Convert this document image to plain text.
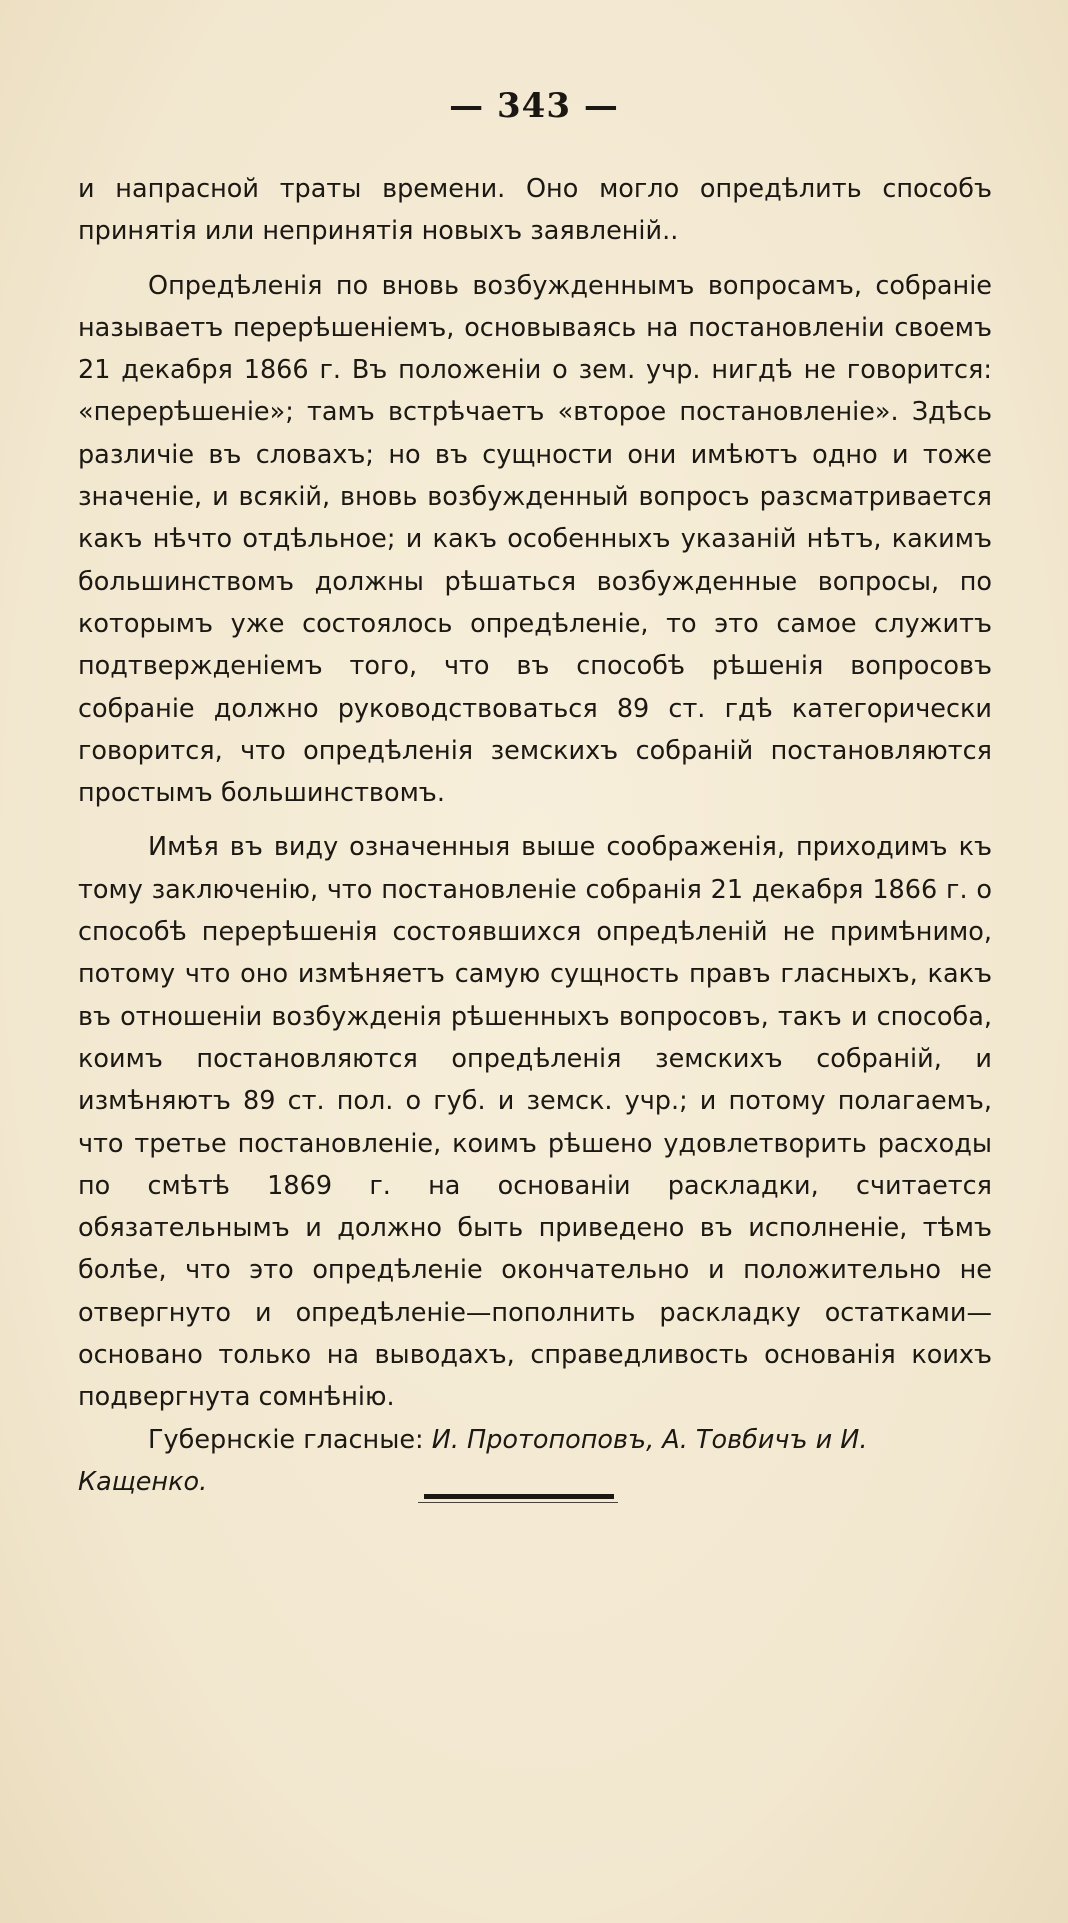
— 343 —

и напрасной траты времени. Оно могло опредѣлить способъ принятія или непринятія новыхъ заявленій..

Опредѣленія по вновь возбужденнымъ вопросамъ, собраніе называетъ перерѣшеніемъ, основываясь на постановленіи своемъ 21 декабря 1866 г. Въ положеніи о зем. учр. нигдѣ не говорится: «перерѣшеніе»; тамъ встрѣчаетъ «второе постановленіе». Здѣсь различіе въ словахъ; но въ сущности они имѣютъ одно и тоже значеніе, и всякій, вновь возбужденный вопросъ разсматривается какъ нѣчто отдѣльное; и какъ особенныхъ указаній нѣтъ, какимъ большинствомъ должны рѣшаться возбужденные вопросы, по которымъ уже состоялось опредѣленіе, то это самое служитъ подтвержденіемъ того, что въ способѣ рѣшенія вопросовъ собраніе должно руководствоваться 89 ст. гдѣ категорически говорится, что опредѣленія земскихъ собраній постановляются простымъ большинствомъ.

Имѣя въ виду означенныя выше соображенія, приходимъ къ тому заключенію, что постановленіе собранія 21 декабря 1866 г. о способѣ перерѣшенія состоявшихся опредѣленій не примѣнимо, потому что оно измѣняетъ самую сущность правъ гласныхъ, какъ въ отношеніи возбужденія рѣшенныхъ вопросовъ, такъ и способа, коимъ постановляются опредѣленія земскихъ собраній, и измѣняютъ 89 ст. пол. о губ. и земск. учр.; и потому полагаемъ, что третье постановленіе, коимъ рѣшено удовлетворить расходы по смѣтѣ 1869 г. на основаніи раскладки, считается обязательнымъ и должно быть приведено въ исполненіе, тѣмъ болѣе, что это опредѣленіе окончательно и положительно не отвергнуто и опредѣленіе—пополнить раскладку остатками—основано только на выводахъ, справедливость основанія коихъ подвергнута сомнѣнію.

Губернскіе гласные: И. Протопоповъ, А. Товбичъ и И. Кащенко.
